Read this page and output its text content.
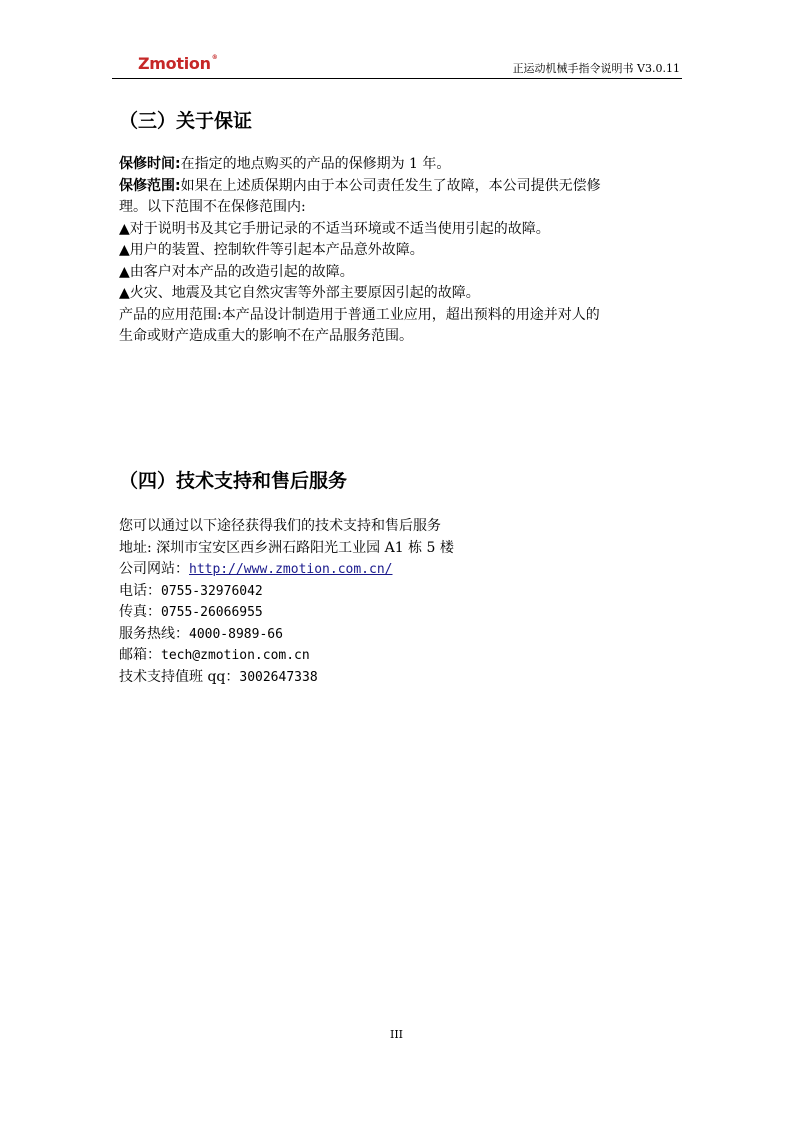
Zmotion®
正运动机械手指令说明书 V3.0.11
（三）关于保证
保修时间:在指定的地点购买的产品的保修期为 1 年。
保修范围:如果在上述质保期内由于本公司责任发生了故障，本公司提供无偿修
理。以下范围不在保修范围内:
▲对于说明书及其它手册记录的不适当环境或不适当使用引起的故障。
▲用户的装置、控制软件等引起本产品意外故障。
▲由客户对本产品的改造引起的故障。
▲火灾、地震及其它自然灾害等外部主要原因引起的故障。
产品的应用范围:本产品设计制造用于普通工业应用，超出预料的用途并对人的
生命或财产造成重大的影响不在产品服务范围。
（四）技术支持和售后服务
您可以通过以下途径获得我们的技术支持和售后服务
地址: 深圳市宝安区西乡洲石路阳光工业园 A1 栋 5 楼
公司网站：http://www.zmotion.com.cn/
电话：0755-32976042
传真：0755-26066955
服务热线：4000-8989-66
邮箱：tech@zmotion.com.cn
技术支持值班 qq：3002647338
III
